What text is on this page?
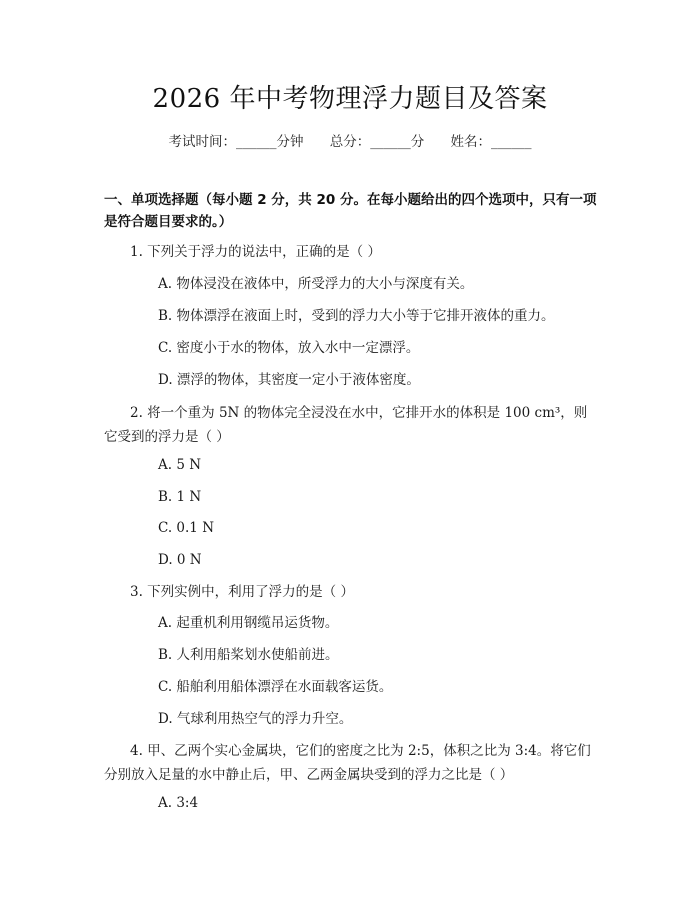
2026 年中考物理浮力题目及答案
考试时间：______分钟 总分：______分 姓名：______
一、单项选择题（每小题 2 分，共 20 分。在每小题给出的四个选项中，只有一项是符合题目要求的。）
1. 下列关于浮力的说法中，正确的是（ ）
A. 物体浸没在液体中，所受浮力的大小与深度有关。
B. 物体漂浮在液面上时，受到的浮力大小等于它排开液体的重力。
C. 密度小于水的物体，放入水中一定漂浮。
D. 漂浮的物体，其密度一定小于液体密度。
2. 将一个重为 5N 的物体完全浸没在水中，它排开水的体积是 100 cm³，则它受到的浮力是（ ）
A. 5 N
B. 1 N
C. 0.1 N
D. 0 N
3. 下列实例中，利用了浮力的是（ ）
A. 起重机利用钢缆吊运货物。
B. 人利用船桨划水使船前进。
C. 船舶利用船体漂浮在水面载客运货。
D. 气球利用热空气的浮力升空。
4. 甲、乙两个实心金属块，它们的密度之比为 2:5，体积之比为 3:4。将它们分别放入足量的水中静止后，甲、乙两金属块受到的浮力之比是（ ）
A. 3:4
